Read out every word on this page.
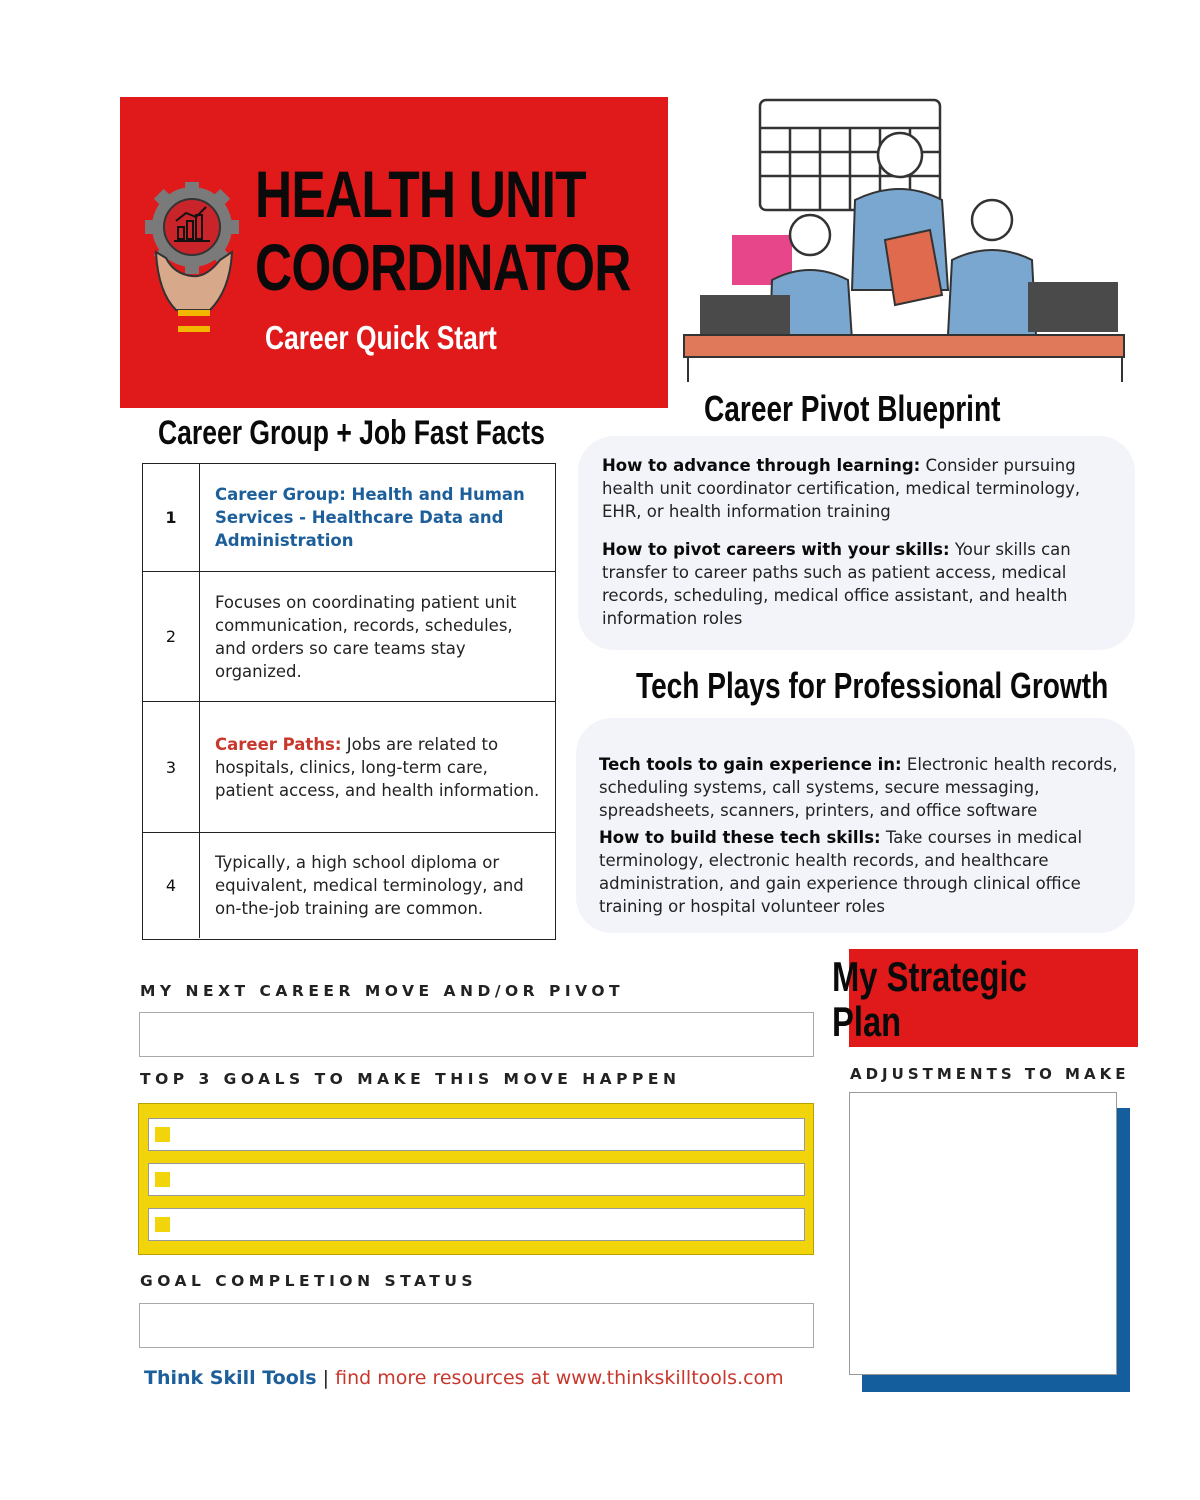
HEALTH UNIT
COORDINATOR
Career Quick Start
Career Group + Job Fast Facts
1
Career Group: Health and Human Services - Healthcare Data and Administration
2
Focuses on coordinating patient unit communication, records, schedules, and orders so care teams stay organized.
3
Career Paths: Jobs are related to hospitals, clinics, long-term care, patient access, and health information.
4
Typically, a high school diploma or equivalent, medical terminology, and on-the-job training are common.
Career Pivot Blueprint
How to advance through learning: Consider pursuing health unit coordinator certification, medical terminology, EHR, or health information training
How to pivot careers with your skills: Your skills can transfer to career paths such as patient access, medical records, scheduling, medical office assistant, and health information roles
Tech Plays for Professional Growth
Tech tools to gain experience in: Electronic health records, scheduling systems, call systems, secure messaging, spreadsheets, scanners, printers, and office software
How to build these tech skills: Take courses in medical terminology, electronic health records, and healthcare administration, and gain experience through clinical office training or hospital volunteer roles
My Strategic Plan
ADJUSTMENTS TO MAKE
MY NEXT CAREER MOVE AND/OR PIVOT
TOP 3 GOALS TO MAKE THIS MOVE HAPPEN
GOAL COMPLETION STATUS
Think Skill Tools | find more resources at www.thinkskilltools.com
